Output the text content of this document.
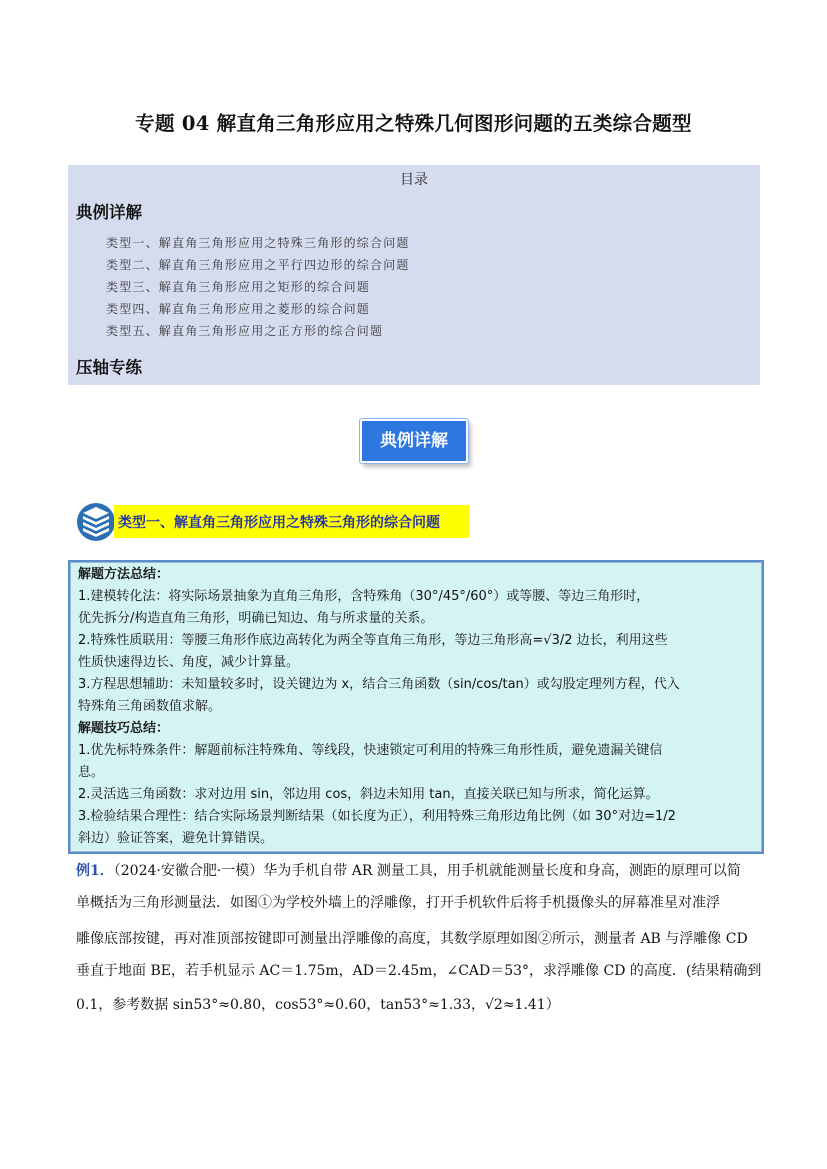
专题 04 解直角三角形应用之特殊几何图形问题的五类综合题型
目录
典例详解
类型一、解直角三角形应用之特殊三角形的综合问题
类型二、解直角三角形应用之平行四边形的综合问题
类型三、解直角三角形应用之矩形的综合问题
类型四、解直角三角形应用之菱形的综合问题
类型五、解直角三角形应用之正方形的综合问题
压轴专练
典例详解
类型一、解直角三角形应用之特殊三角形的综合问题
解题方法总结：
1.建模转化法：将实际场景抽象为直角三角形，含特殊角（30°/45°/60°）或等腰、等边三角形时，
优先拆分/构造直角三角形，明确已知边、角与所求量的关系。
2.特殊性质联用：等腰三角形作底边高转化为两全等直角三角形，等边三角形高=√3/2 边长，利用这些
性质快速得边长、角度，减少计算量。
3.方程思想辅助：未知量较多时，设关键边为 x，结合三角函数（sin/cos/tan）或勾股定理列方程，代入
特殊角三角函数值求解。
解题技巧总结：
1.优先标特殊条件：解题前标注特殊角、等线段，快速锁定可利用的特殊三角形性质，避免遗漏关键信
息。
2.灵活选三角函数：求对边用 sin，邻边用 cos，斜边未知用 tan，直接关联已知与所求，简化运算。
3.检验结果合理性：结合实际场景判断结果（如长度为正），利用特殊三角形边角比例（如 30°对边=1/2
斜边）验证答案，避免计算错误。
例1．（2024·安徽合肥·一模）华为手机自带 AR 测量工具，用手机就能测量长度和身高，测距的原理可以简
单概括为三角形测量法．如图①为学校外墙上的浮雕像，打开手机软件后将手机摄像头的屏幕准星对准浮
雕像底部按键，再对准顶部按键即可测量出浮雕像的高度，其数学原理如图②所示，测量者 AB 与浮雕像 CD
垂直于地面 BE，若手机显示 AC＝1.75m，AD＝2.45m，∠CAD＝53°，求浮雕像 CD 的高度．(结果精确到
0.1，参考数据 sin53°≈0.80，cos53°≈0.60，tan53°≈1.33，√2≈1.41）
